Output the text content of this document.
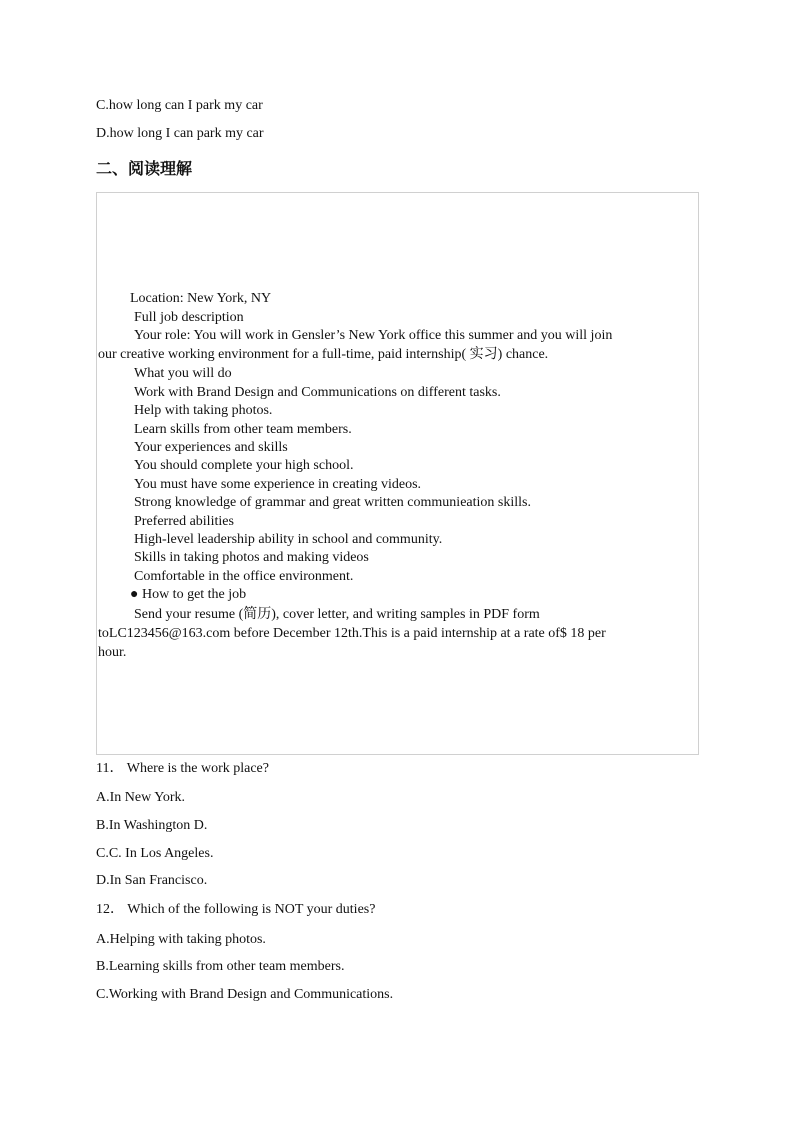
C.how long can I park my car
D.how long I can park my car
二、阅读理解
Location: New York, NY
Full job description
Your role: You will work in Gensler’s New York office this summer and you will join
our creative working environment for a full-time, paid internship( 实习) chance.
What you will do
Work with Brand Design and Communications on different tasks.
Help with taking photos.
Learn skills from other team members.
Your experiences and skills
You should complete your high school.
You must have some experience in creating videos.
Strong knowledge of grammar and great written communieation skills.
Preferred abilities
High-level leadership ability in school and community.
Skills in taking photos and making videos
Comfortable in the office environment.
● How to get the job
Send your resume (简历), cover letter, and writing samples in PDF form
toLC123456@163.com before December 12th.This is a paid internship at a rate of$ 18 per
hour.
11． Where is the work place?
A.In New York.
B.In Washington D.
C.C. In Los Angeles.
D.In San Francisco.
12． Which of the following is NOT your duties?
A.Helping with taking photos.
B.Learning skills from other team members.
C.Working with Brand Design and Communications.
